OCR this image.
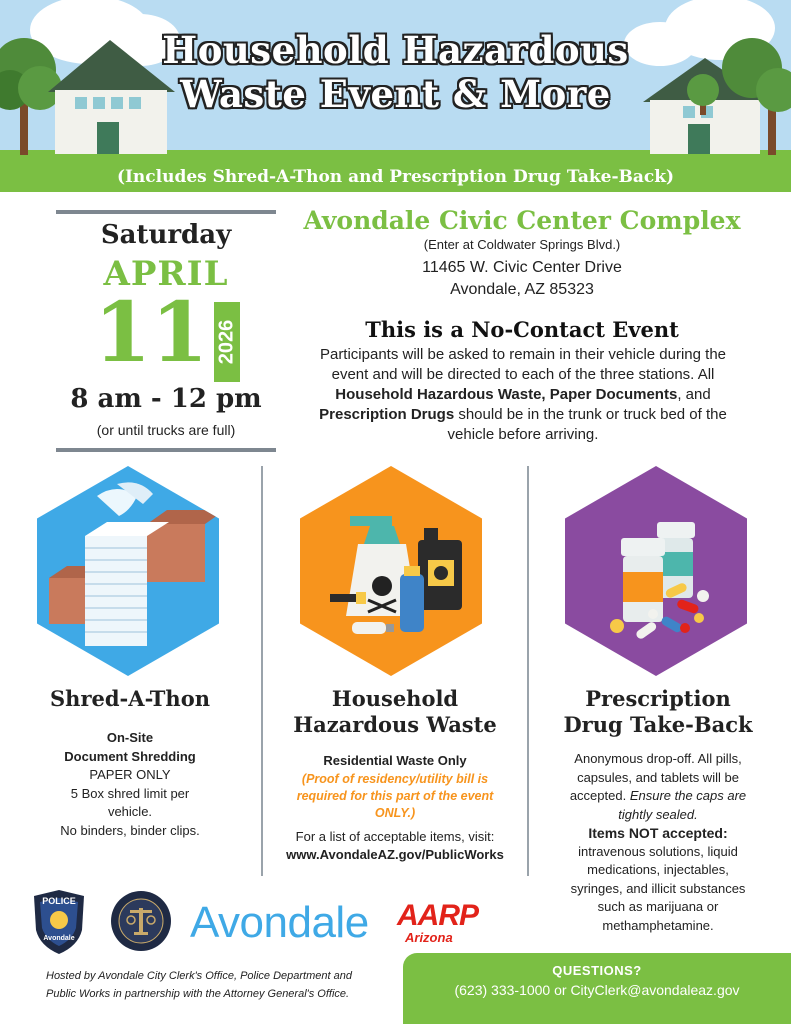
Household Hazardous
Waste Event & More
(Includes Shred-A-Thon and Prescription Drug Take-Back)
Saturday
APRIL
11 2026
8 am - 12 pm
(or until trucks are full)
Avondale Civic Center Complex
(Enter at Coldwater Springs Blvd.)
11465 W. Civic Center Drive
Avondale, AZ 85323
This is a No-Contact Event
Participants will be asked to remain in their vehicle during the event and will be directed to each of the three stations. All Household Hazardous Waste, Paper Documents, and Prescription Drugs should be in the trunk or truck bed of the vehicle before arriving.
Shred-A-Thon
On-Site
Document Shredding
PAPER ONLY
5 Box shred limit per vehicle.
No binders, binder clips.
Household
Hazardous Waste
Residential Waste Only
(Proof of residency/utility bill is required for this part of the event ONLY.)
For a list of acceptable items, visit:
www.AvondaleAZ.gov/PublicWorks
Prescription
Drug Take-Back
Anonymous drop-off. All pills, capsules, and tablets will be accepted. Ensure the caps are tightly sealed.
Items NOT accepted:
intravenous solutions, liquid medications, injectables, syringes, and illicit substances such as marijuana or methamphetamine.
POLICE
Avondale	Avondale AARP
Arizona
Hosted by Avondale City Clerk's Office, Police Department and Public Works in partnership with the Attorney General's Office.
QUESTIONS?
(623) 333-1000 or CityClerk@avondaleaz.gov
